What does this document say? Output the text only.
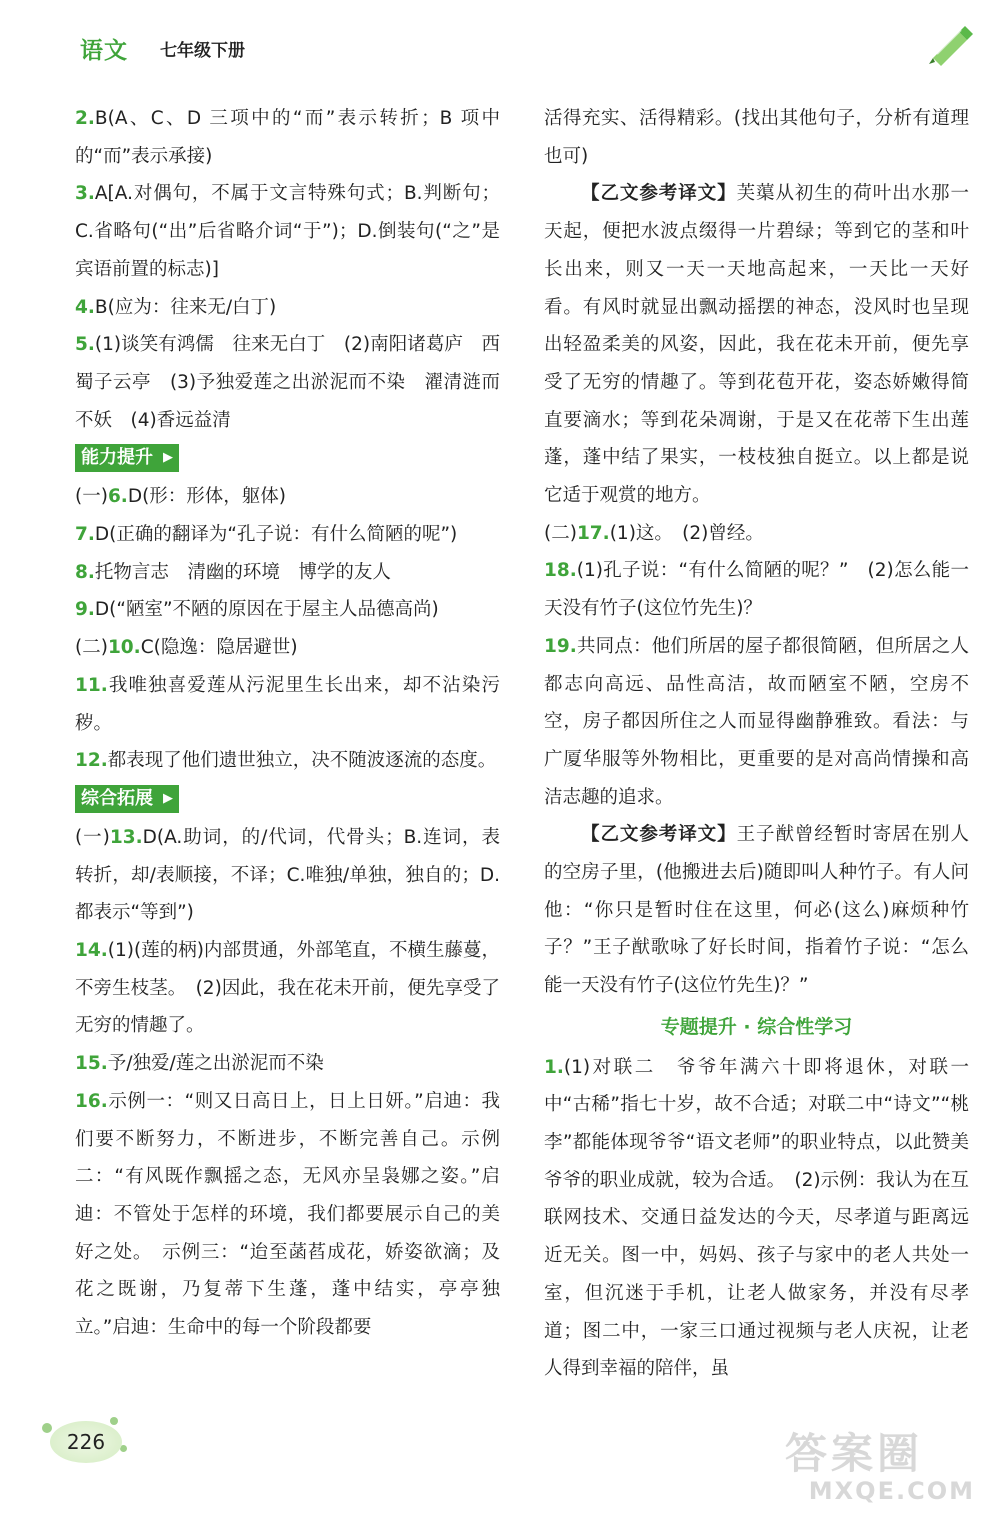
语文 七年级下册

2.B(A、C、D 三项中的“而”表示转折；B 项中的“而”表示承接)

3.A[A.对偶句，不属于文言特殊句式；B.判断句；C.省略句(“出”后省略介词“于”)；D.倒装句(“之”是宾语前置的标志)]

4.B(应为：往来无/白丁)

5.(1)谈笑有鸿儒　往来无白丁　(2)南阳诸葛庐　西蜀子云亭　(3)予独爱莲之出淤泥而不染　濯清涟而不妖　(4)香远益清

能力提升 ▶

(一)6.D(形：形体，躯体)

7.D(正确的翻译为“孔子说：有什么简陋的呢”)

8.托物言志　清幽的环境　博学的友人

9.D(“陋室”不陋的原因在于屋主人品德高尚)

(二)10.C(隐逸：隐居避世)

11.我唯独喜爱莲从污泥里生长出来，却不沾染污秽。

12.都表现了他们遗世独立，决不随波逐流的态度。

综合拓展 ▶

(一)13.D(A.助词，的/代词，代骨头；B.连词，表转折，却/表顺接，不译；C.唯独/单独，独自的；D.都表示“等到”)

14.(1)(莲的柄)内部贯通，外部笔直，不横生藤蔓，不旁生枝茎。　(2)因此，我在花未开前，便先享受了无穷的情趣了。

15.予/独爱/莲之出淤泥而不染

16.示例一：“则又日高日上，日上日妍。”启迪：我们要不断努力，不断进步，不断完善自己。示例二：“有风既作飘摇之态，无风亦呈袅娜之姿。”启迪：不管处于怎样的环境，我们都要展示自己的美好之处。　示例三：“迨至菡萏成花，娇姿欲滴；及花之既谢，乃复蒂下生蓬，蓬中结实，亭亭独立。”启迪：生命中的每一个阶段都要

活得充实、活得精彩。(找出其他句子，分析有道理也可)

【乙文参考译文】芙蕖从初生的荷叶出水那一天起，便把水波点缀得一片碧绿；等到它的茎和叶长出来，则又一天一天地高起来，一天比一天好看。有风时就显出飘动摇摆的神态，没风时也呈现出轻盈柔美的风姿，因此，我在花未开前，便先享受了无穷的情趣了。等到花苞开花，姿态娇嫩得简直要滴水；等到花朵凋谢，于是又在花蒂下生出莲蓬，蓬中结了果实，一枝枝独自挺立。以上都是说它适于观赏的地方。

(二)17.(1)这。　(2)曾经。

18.(1)孔子说：“有什么简陋的呢？”　(2)怎么能一天没有竹子(这位竹先生)？

19.共同点：他们所居的屋子都很简陋，但所居之人都志向高远、品性高洁，故而陋室不陋，空房不空，房子都因所住之人而显得幽静雅致。看法：与广厦华服等外物相比，更重要的是对高尚情操和高洁志趣的追求。

【乙文参考译文】王子猷曾经暂时寄居在别人的空房子里，(他搬进去后)随即叫人种竹子。有人问他：“你只是暂时住在这里，何必(这么)麻烦种竹子？”王子猷歌咏了好长时间，指着竹子说：“怎么能一天没有竹子(这位竹先生)？”

专题提升 · 综合性学习

1.(1)对联二　爷爷年满六十即将退休，对联一中“古稀”指七十岁，故不合适；对联二中“诗文”“桃李”都能体现爷爷“语文老师”的职业特点，以此赞美爷爷的职业成就，较为合适。　(2)示例：我认为在互联网技术、交通日益发达的今天，尽孝道与距离远近无关。图一中，妈妈、孩子与家中的老人共处一室，但沉迷于手机，让老人做家务，并没有尽孝道；图二中，一家三口通过视频与老人庆祝，让老人得到幸福的陪伴，虽

226	答案圈
MXQE.COM
